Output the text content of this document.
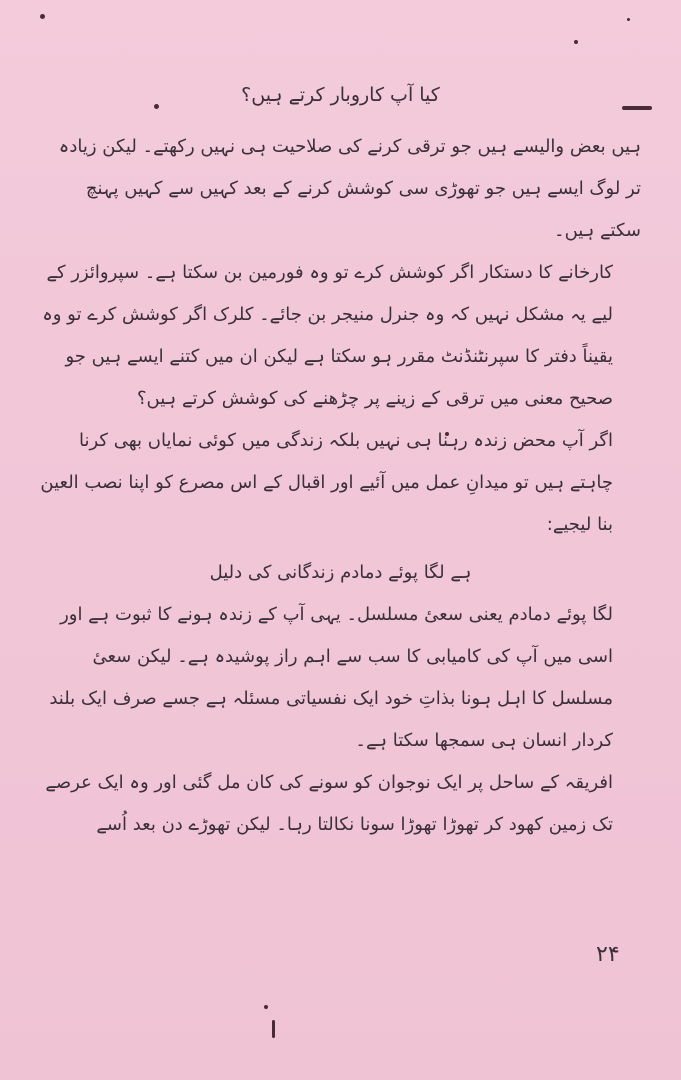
کیا آپ کاروبار کرتے ہیں؟

ہیں بعض والیسے ہیں جو ترقی کرنے کی صلاحیت ہی نہیں رکھتے۔ لیکن زیادہ تر لوگ ایسے ہیں جو تھوڑی سی کوشش کرنے کے بعد کہیں سے کہیں پہنچ سکتے ہیں۔

کارخانے کا دستکار اگر کوشش کرے تو وہ فورمین بن سکتا ہے۔ سپروائزر کے لیے یہ مشکل نہیں کہ وہ جنرل منیجر بن جائے۔ کلرک اگر کوشش کرے تو وہ یقیناً دفتر کا سپرنٹنڈنٹ مقرر ہو سکتا ہے لیکن ان میں کتنے ایسے ہیں جو صحیح معنی میں ترقی کے زینے پر چڑھنے کی کوشش کرتے ہیں؟

اگر آپ محض زندہ رہنا ہی نہیں بلکہ زندگی میں کوئی نمایاں بھی کرنا چاہتے ہیں تو میدانِ عمل میں آئیے اور اقبال کے اس مصرع کو اپنا نصب العین بنا لیجیے:

ہے لگا پوئے دمادم زندگانی کی دلیل

لگا پوئے دمادم یعنی سعیٔ مسلسل۔ یہی آپ کے زندہ ہونے کا ثبوت ہے اور اسی میں آپ کی کامیابی کا سب سے اہم راز پوشیدہ ہے۔ لیکن سعیٔ مسلسل کا اہل ہونا بذاتِ خود ایک نفسیاتی مسئلہ ہے جسے صرف ایک بلند کردار انسان ہی سمجھا سکتا ہے۔

افریقہ کے ساحل پر ایک نوجوان کو سونے کی کان مل گئی اور وہ ایک عرصے تک زمین کھود کر تھوڑا تھوڑا سونا نکالتا رہا۔ لیکن تھوڑے دن بعد اُسے

۲۴
